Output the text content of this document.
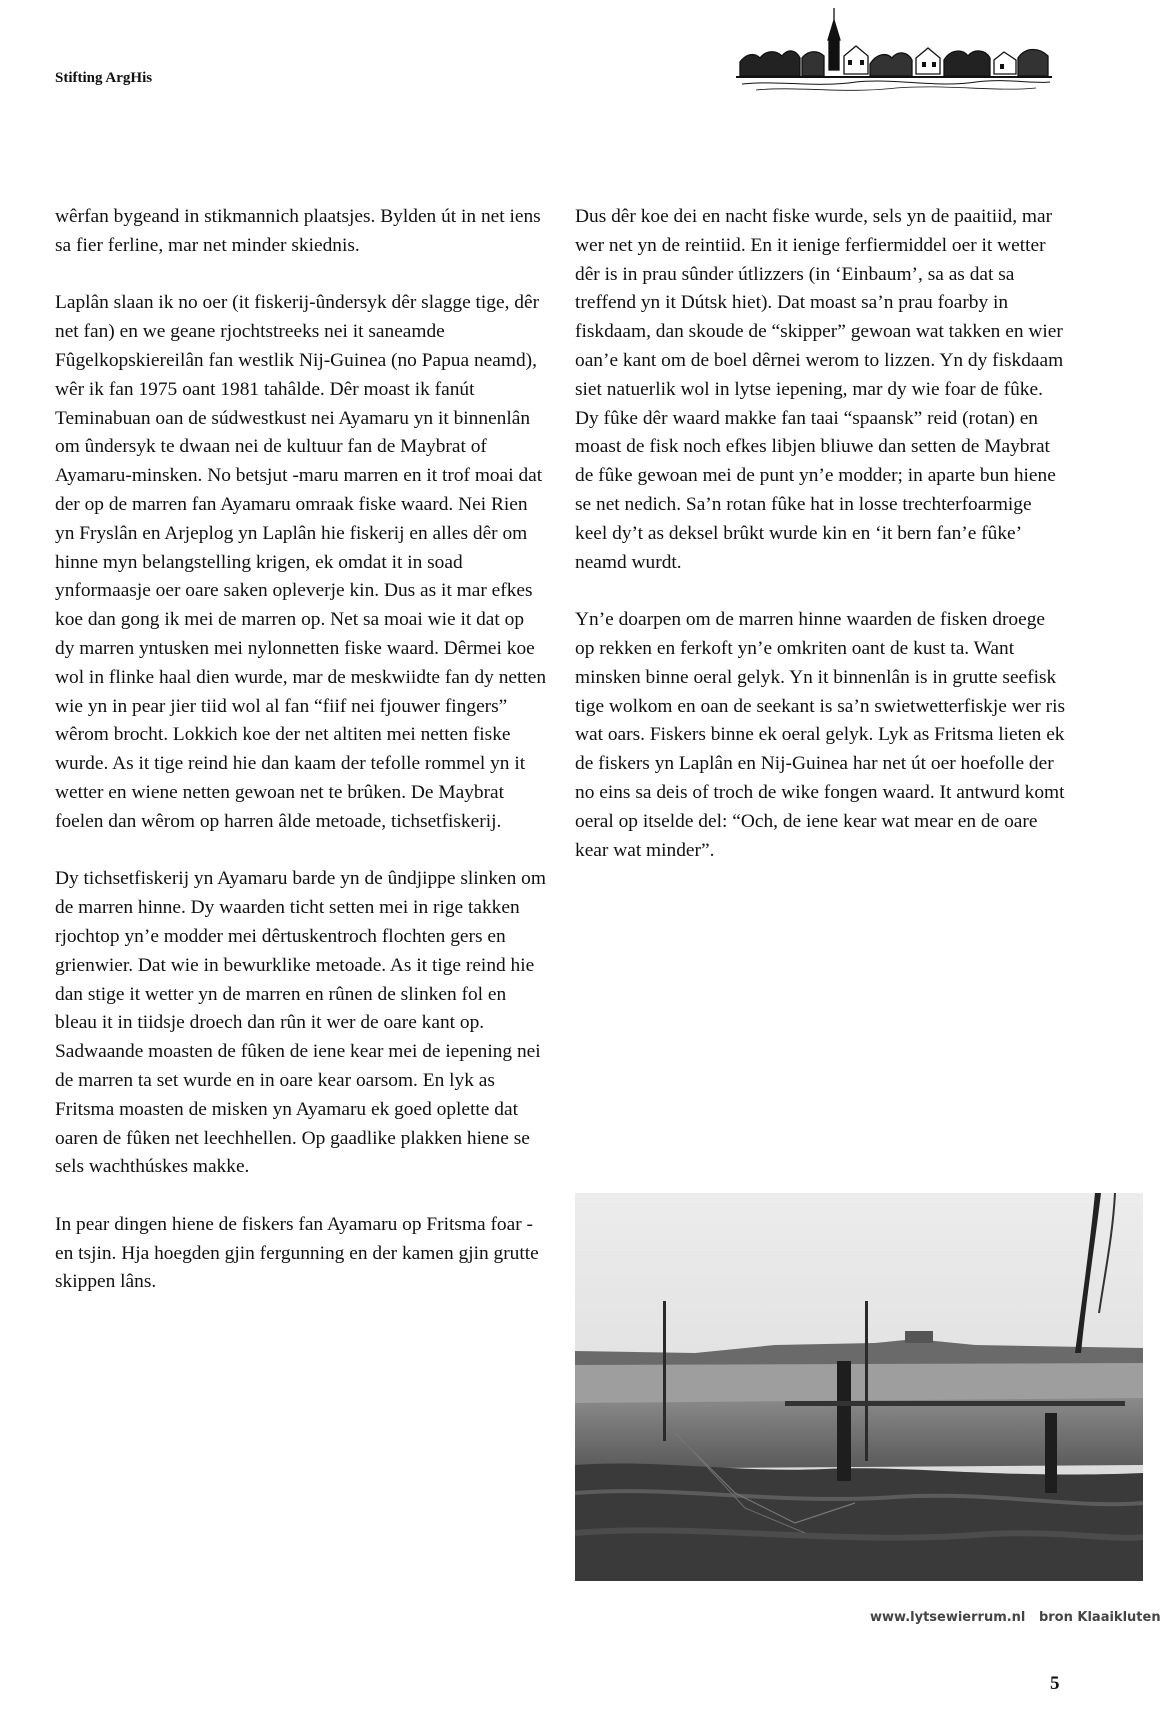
Stifting ArgHis

wêrfan bygeand in stikmannich plaatsjes. Bylden út in net iens sa fier ferline, mar net minder skiednis.

Laplân slaan ik no oer (it fiskerij-ûndersyk dêr slagge tige, dêr net fan) en we geane rjochtstreeks nei it saneamde Fûgelkopskiereilân fan westlik Nij-Guinea (no Papua neamd), wêr ik fan 1975 oant 1981 tahâlde. Dêr moast ik fanút Teminabuan oan de súdwestkust nei Ayamaru yn it binnenlân om ûndersyk te dwaan nei de kultuur fan de Maybrat of Ayamaru-minsken. No betsjut -maru marren en it trof moai dat der op de marren fan Ayamaru omraak fiske waard. Nei Rien yn Fryslân en Arjeplog yn Laplân hie fiskerij en alles dêr om hinne myn belangstelling krigen, ek omdat it in soad ynformaasje oer oare saken opleverje kin. Dus as it mar efkes koe dan gong ik mei de marren op. Net sa moai wie it dat op dy marren yntusken mei nylonnetten fiske waard. Dêrmei koe wol in flinke haal dien wurde, mar de meskwiidte fan dy netten wie yn in pear jier tiid wol al fan “fiif nei fjouwer fingers” wêrom brocht. Lokkich koe der net altiten mei netten fiske wurde. As it tige reind hie dan kaam der tefolle rommel yn it wetter en wiene netten gewoan net te brûken. De Maybrat foelen dan wêrom op harren âlde metoade, tichsetfiskerij.

Dy tichsetfiskerij yn Ayamaru barde yn de ûndjippe slinken om de marren hinne. Dy waarden ticht setten mei in rige takken rjochtop yn’e modder mei dêrtuskentroch flochten gers en grienwier. Dat wie in bewurklike metoade. As it tige reind hie dan stige it wetter yn de marren en rûnen de slinken fol en bleau it in tiidsje droech dan rûn it wer de oare kant op. Sadwaande moasten de fûken de iene kear mei de iepening nei de marren ta set wurde en in oare kear oarsom. En lyk as Fritsma moasten de misken yn Ayamaru ek goed oplette dat oaren de fûken net leechhellen. Op gaadlike plakken hiene se sels wachthúskes makke.

In pear dingen hiene de fiskers fan Ayamaru op Fritsma foar - en tsjin. Hja hoegden gjin fergunning en der kamen gjin grutte skippen lâns.

Dus dêr koe dei en nacht fiske wurde, sels yn de paaitiid, mar wer net yn de reintiid. En it ienige ferfiermiddel oer it wetter dêr is in prau sûnder útlizzers (in ‘Einbaum’, sa as dat sa treffend yn it Dútsk hiet). Dat moast sa’n prau foarby in fiskdaam, dan skoude de “skipper” gewoan wat takken en wier oan’e kant om de boel dêrnei werom to lizzen. Yn dy fiskdaam siet natuerlik wol in lytse iepening, mar dy wie foar de fûke. Dy fûke dêr waard makke fan taai “spaansk” reid (rotan) en moast de fisk noch efkes libjen bliuwe dan setten de Maybrat de fûke gewoan mei de punt yn’e modder; in aparte bun hiene se net nedich. Sa’n rotan fûke hat in losse trechterfoarmige keel dy’t as deksel brûkt wurde kin en ‘it bern fan’e fûke’ neamd wurdt.

Yn’e doarpen om de marren hinne waarden de fisken droege op rekken en ferkoft yn’e omkriten oant de kust ta. Want minsken binne oeral gelyk. Yn it binnenlân is in grutte seefisk tige wolkom en oan de seekant is sa’n swietwetterfiskje wer ris wat oars. Fiskers binne ek oeral gelyk. Lyk as Fritsma lieten ek de fiskers yn Laplân en Nij-Guinea har net út oer hoefolle der no eins sa deis of troch de wike fongen waard. It antwurd komt oeral op itselde del: “Och, de iene kear wat mear en de oare kear wat minder”.

www.lytsewierrum.nl   bron Klaaikluten
5
